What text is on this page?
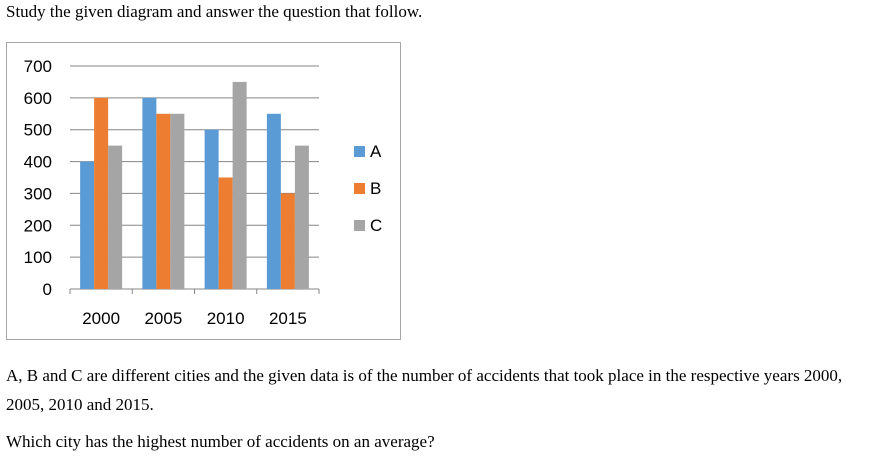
Study the given diagram and answer the question that follow.
0
100
200
300
400
500
600
700
2000 2005 2010 2015
A
B
C
A, B and C are different cities and the given data is of the number of accidents that took place in the respective years 2000, 2005, 2010 and 2015.
Which city has the highest number of accidents on an average?
